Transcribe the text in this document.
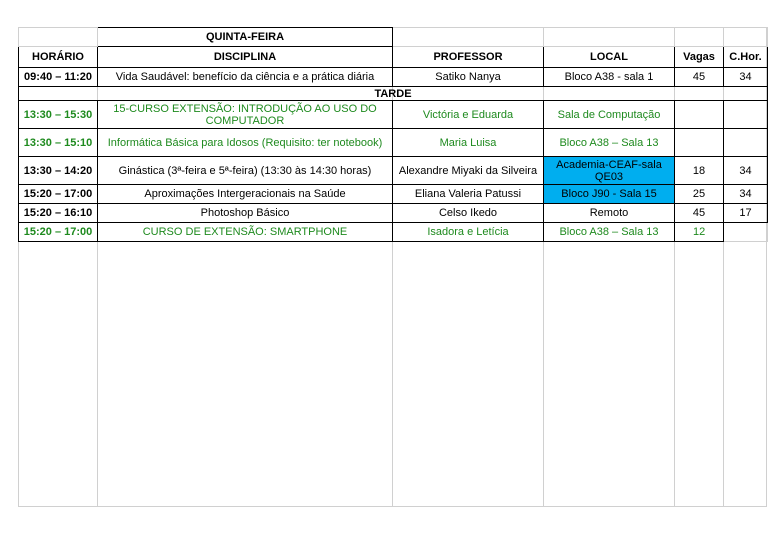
	QUINTA-FEIRA				
HORÁRIO	DISCIPLINA	PROFESSOR	LOCAL	Vagas	C.Hor.
09:40 – 11:20	Vida Saudável: benefício da ciência e a prática diária	Satiko Nanya	Bloco A38 - sala 1	45	34
TARDE					
13:30 – 15:30	15-CURSO EXTENSÃO: INTRODUÇÃO AO USO DO COMPUTADOR	Victória e Eduarda	Sala de Computação		
13:30 – 15:10	Informática Básica para Idosos (Requisito: ter notebook)	Maria Luisa	Bloco A38 – Sala 13		
13:30 – 14:20	Ginástica (3ª-feira e 5ª-feira) (13:30 às 14:30 horas)	Alexandre Miyaki da Silveira	Academia-CEAF-sala QE03	18	34
15:20 – 17:00	Aproximações Intergeracionais na Saúde	Eliana Valeria Patussi	Bloco J90 - Sala 15	25	34
15:20 – 16:10	Photoshop Básico	Celso Ikedo	Remoto	45	17
15:20 – 17:00	CURSO DE EXTENSÃO: SMARTPHONE	Isadora e Letícia	Bloco A38 – Sala 13	12	
